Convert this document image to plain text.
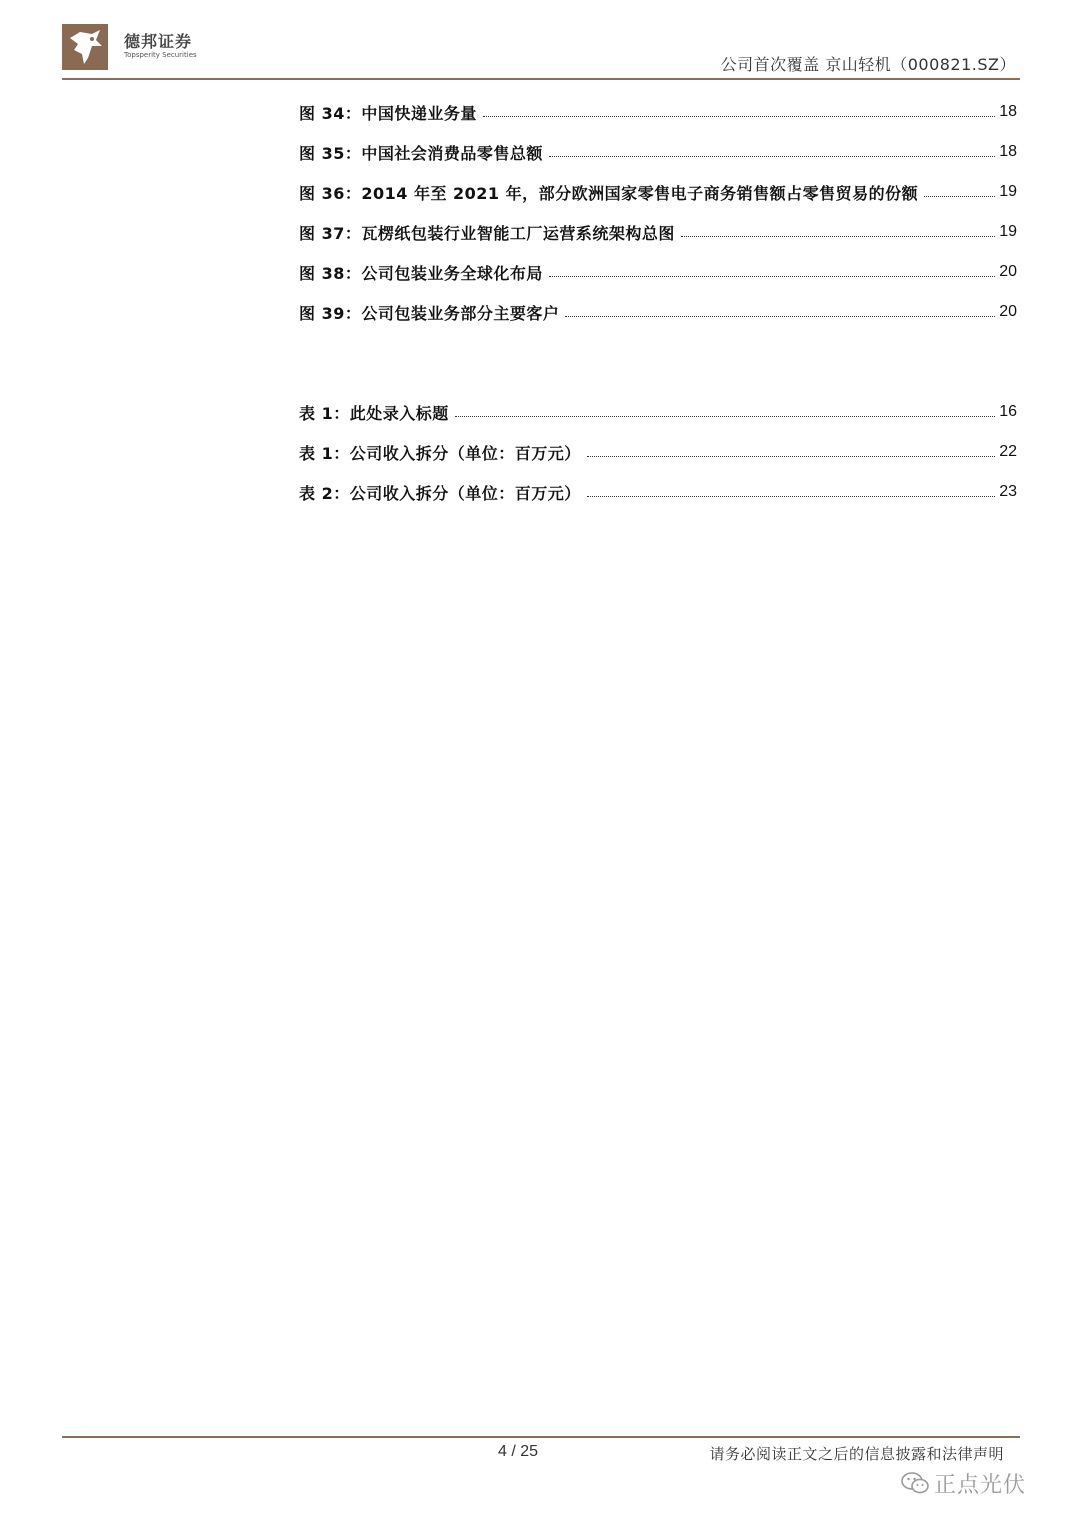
德邦证券
Topsperity Securities	公司首次覆盖 京山轻机（000821.SZ）
图 34：中国快递业务量	18
图 35：中国社会消费品零售总额	18
图 36：2014 年至 2021 年，部分欧洲国家零售电子商务销售额占零售贸易的份额	19
图 37：瓦楞纸包装行业智能工厂运营系统架构总图	19
图 38：公司包装业务全球化布局	20
图 39：公司包装业务部分主要客户	20
表 1：此处录入标题	16
表 1：公司收入拆分（单位：百万元）	22
表 2：公司收入拆分（单位：百万元）	23
4 / 25	请务必阅读正文之后的信息披露和法律声明
正点光伏
